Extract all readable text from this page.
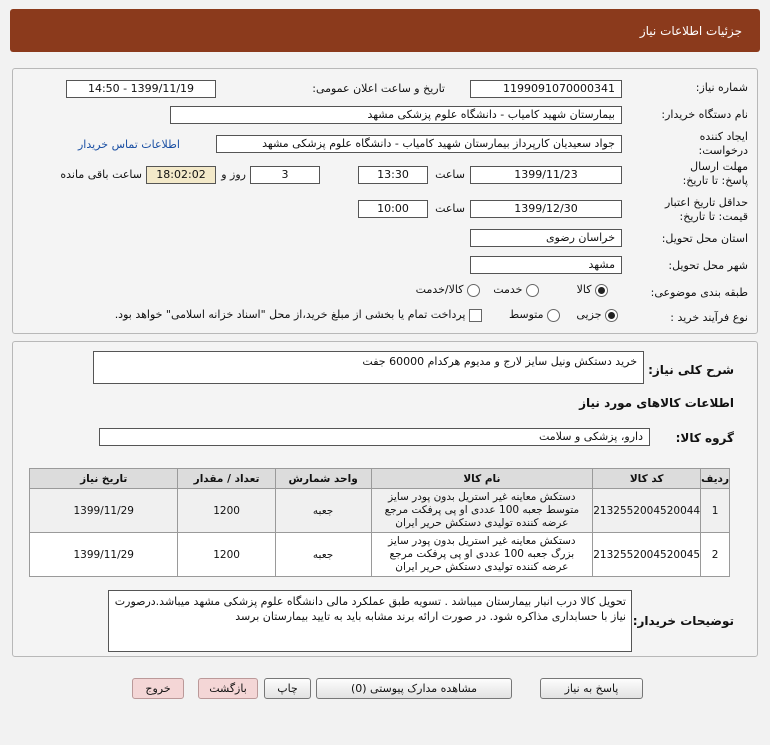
جزئیات اطلاعات نیاز
شماره نیاز:
1199091070000341
تاریخ و ساعت اعلان عمومی:
1399/11/19 - 14:50
نام دستگاه خریدار:
بیمارستان شهید کامیاب - دانشگاه علوم پزشکی مشهد
ایجاد کننده درخواست:
جواد سعیدیان کارپرداز بیمارستان شهید کامیاب - دانشگاه علوم پزشکی مشهد
اطلاعات تماس خریدار
مهلت ارسال پاسخ: تا تاریخ:
1399/11/23
ساعت
13:30
3
روز و
18:02:02
ساعت باقی مانده
حداقل تاریخ اعتبار قیمت: تا تاریخ:
1399/12/30
ساعت
10:00
استان محل تحویل:
خراسان رضوی
شهر محل تحویل:
مشهد
طبقه بندی موضوعی:
کالا
خدمت
کالا/خدمت
نوع فرآیند خرید :
جزیی
متوسط
پرداخت تمام یا بخشی از مبلغ خرید،از محل "اسناد خزانه اسلامی" خواهد بود.
شرح کلی نیاز:
خرید دستکش ونیل سایز لارج و مدیوم هرکدام 60000 جفت
اطلاعات کالاهای مورد نیاز
گروه کالا:
دارو، پزشکی و سلامت
ردیف	کد کالا	نام کالا	واحد شمارش	تعداد / مقدار	تاریخ نیاز
1	2132552004520044	دستکش معاینه غیر استریل بدون پودر سایز متوسط جعبه 100 عددی او پی پرفکت مرجع عرضه کننده تولیدی دستکش حریر ایران	جعبه	1200	1399/11/29
2	2132552004520045	دستکش معاینه غیر استریل بدون پودر سایز بزرگ جعبه 100 عددی او پی پرفکت مرجع عرضه کننده تولیدی دستکش حریر ایران	جعبه	1200	1399/11/29
توضیحات خریدار:
تحویل کالا درب انبار بیمارستان میباشد . تسویه طبق عملکرد مالی دانشگاه علوم پزشکی مشهد میباشد.درصورت نیاز با حسابداری مذاکره شود. در صورت ارائه برند مشابه باید به تایید بیمارستان برسد
پاسخ به نیاز
مشاهده مدارک پیوستی (0)
چاپ
بازگشت
خروج
